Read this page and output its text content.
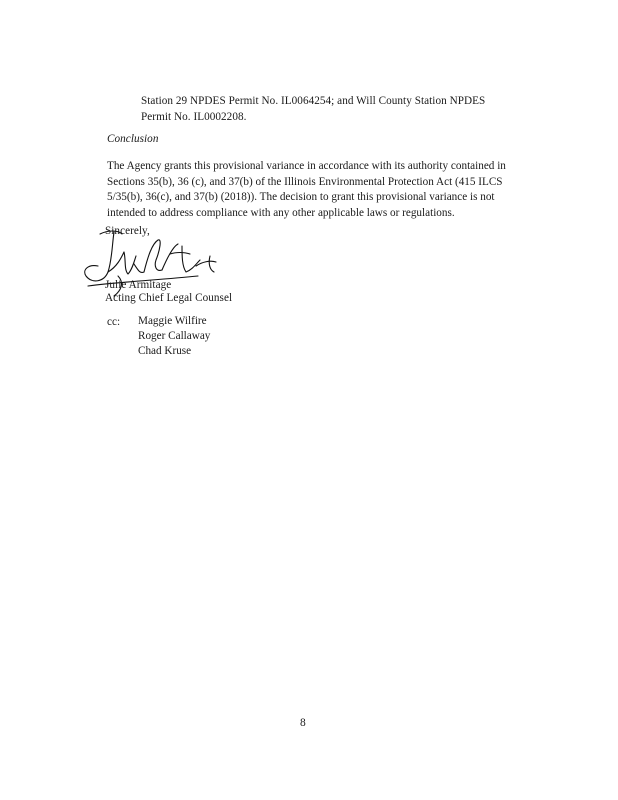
Station 29 NPDES Permit No. IL0064254; and Will County Station NPDES
Permit No. IL0002208.
Conclusion
The Agency grants this provisional variance in accordance with its authority contained in
Sections 35(b), 36 (c), and 37(b) of the Illinois Environmental Protection Act (415 ILCS
5/35(b), 36(c), and 37(b) (2018)). The decision to grant this provisional variance is not
intended to address compliance with any other applicable laws or regulations.
Sincerely,
Julie Armitage
Acting Chief Legal Counsel
cc: Maggie Wilfire
Roger Callaway
Chad Kruse
8
